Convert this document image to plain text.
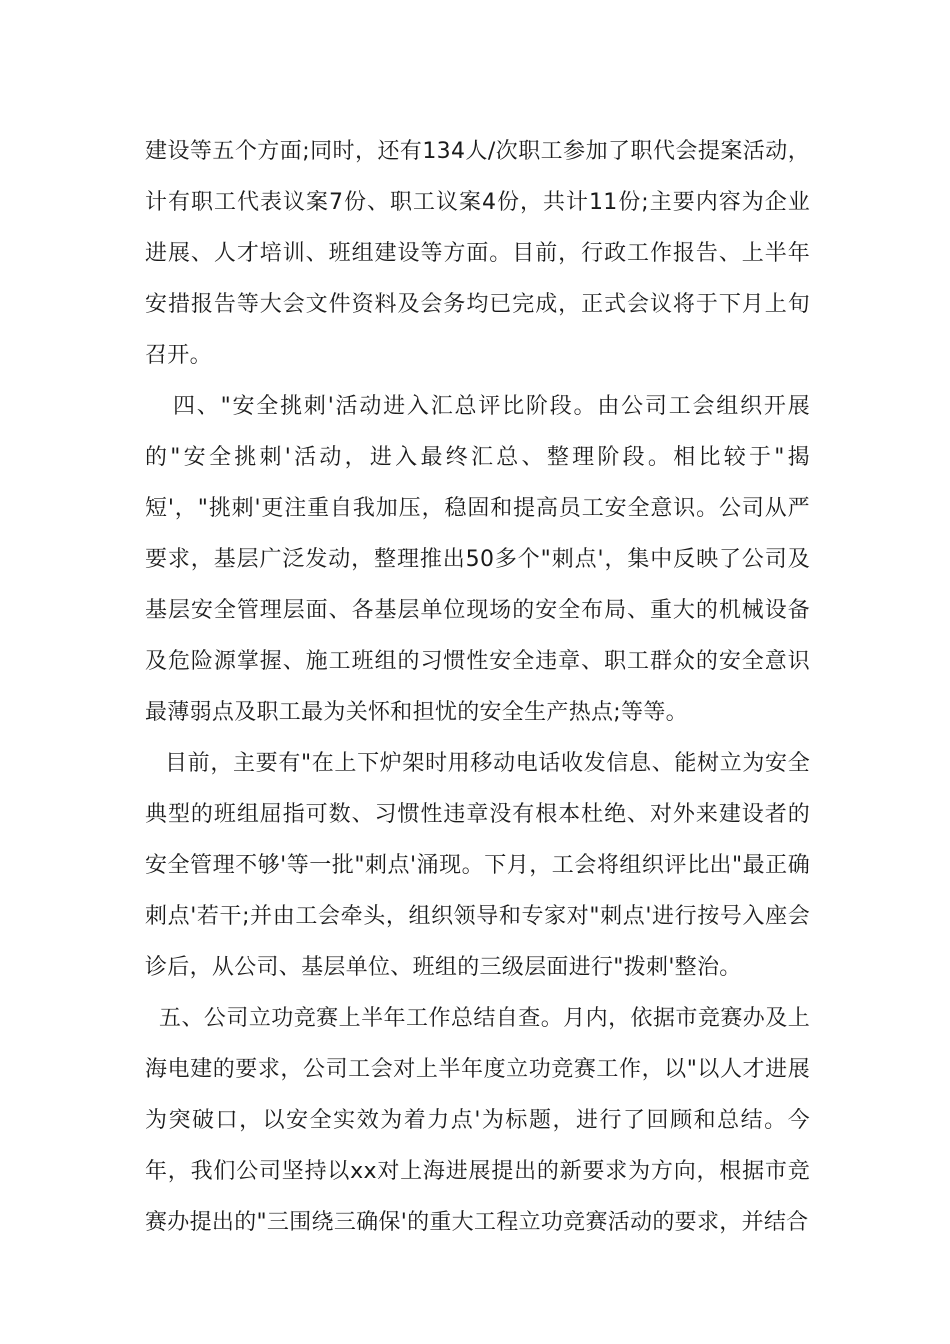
建设等五个方面;同时，还有134人/次职工参加了职代会提案活动，计有职工代表议案7份、职工议案4份，共计11份;主要内容为企业进展、人才培训、班组建设等方面。目前，行政工作报告、上半年安措报告等大会文件资料及会务均已完成，正式会议将于下月上旬召开。

四、"安全挑刺'活动进入汇总评比阶段。由公司工会组织开展的"安全挑刺'活动，进入最终汇总、整理阶段。相比较于"揭短'，"挑刺'更注重自我加压，稳固和提高员工安全意识。公司从严要求，基层广泛发动，整理推出50多个"刺点'，集中反映了公司及基层安全管理层面、各基层单位现场的安全布局、重大的机械设备及危险源掌握、施工班组的习惯性安全违章、职工群众的安全意识最薄弱点及职工最为关怀和担忧的安全生产热点;等等。

目前，主要有"在上下炉架时用移动电话收发信息、能树立为安全典型的班组屈指可数、习惯性违章没有根本杜绝、对外来建设者的安全管理不够'等一批"刺点'涌现。下月，工会将组织评比出"最正确刺点'若干;并由工会牵头，组织领导和专家对"刺点'进行按号入座会诊后，从公司、基层单位、班组的三级层面进行"拨刺'整治。

五、公司立功竞赛上半年工作总结自查。月内，依据市竞赛办及上海电建的要求，公司工会对上半年度立功竞赛工作，以"以人才进展为突破口，以安全实效为着力点'为标题，进行了回顾和总结。今年，我们公司坚持以xx对上海进展提出的新要求为方向，根据市竞赛办提出的"三围绕三确保'的重大工程立功竞赛活动的要求，并结合
